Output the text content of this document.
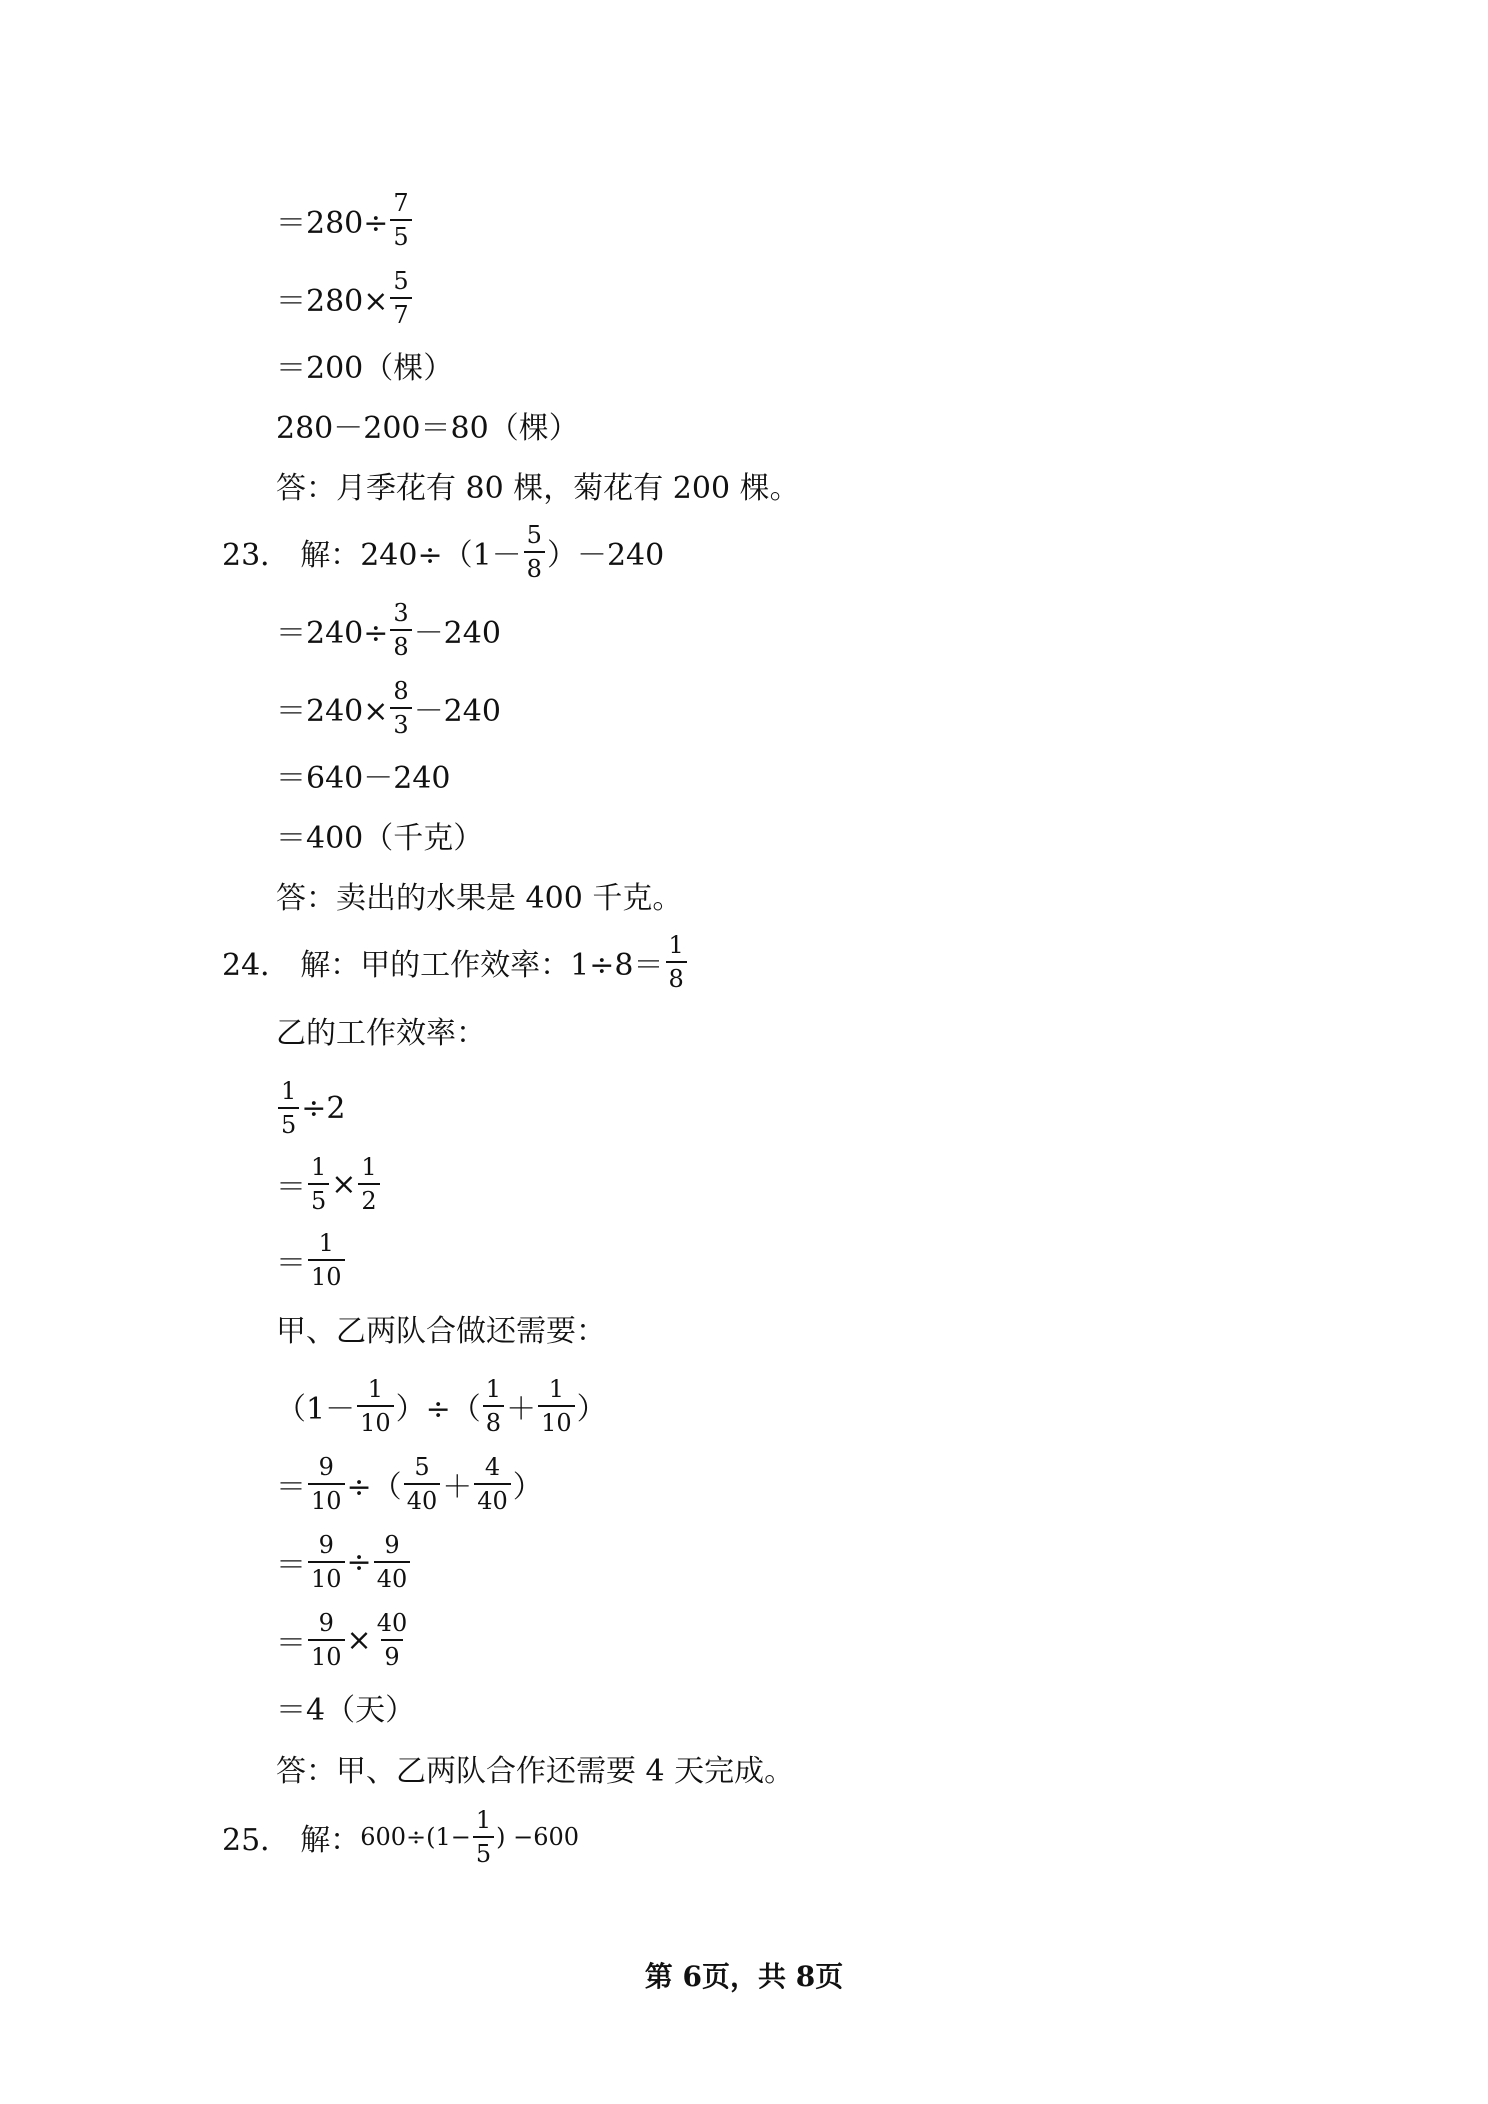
$=280\div \frac{7}{5}$
$=280\times \frac{5}{7}$
＝200（棵）
280－200＝80（棵）
答：月季花有 80 棵，菊花有 200 棵。
23． 解： 240÷（1－
5
8 ）－240
$=240\div \frac{3}{8} -240$
$=240\times \frac{8}{3} -240$
＝640－240
＝400（千克）
答：卖出的水果是 400 千克。
24． 解： 甲的工作效率：1÷8＝
1
8
乙的工作效率：
$\frac{1}{5} \div 2$
＝ $\frac{1}{5} \times \frac{1}{2}$
＝
1
10
甲、乙两队合做还需要：
（1－
1
10 ）÷（
1
8 ＋
1
10 ）
＝ $\frac{9}{10}$ ÷（
5
40 ＋
4
40 ）
＝ $\frac{9}{10} \div \frac{9}{40}$
＝ $\frac{9}{10} \times \frac{40}{9}$
＝4（天）
答：甲、乙两队合作还需要 4 天完成。
25． 解： $600\div(1- \frac{1}{5}$ ) −600
第 6页，共 8页
